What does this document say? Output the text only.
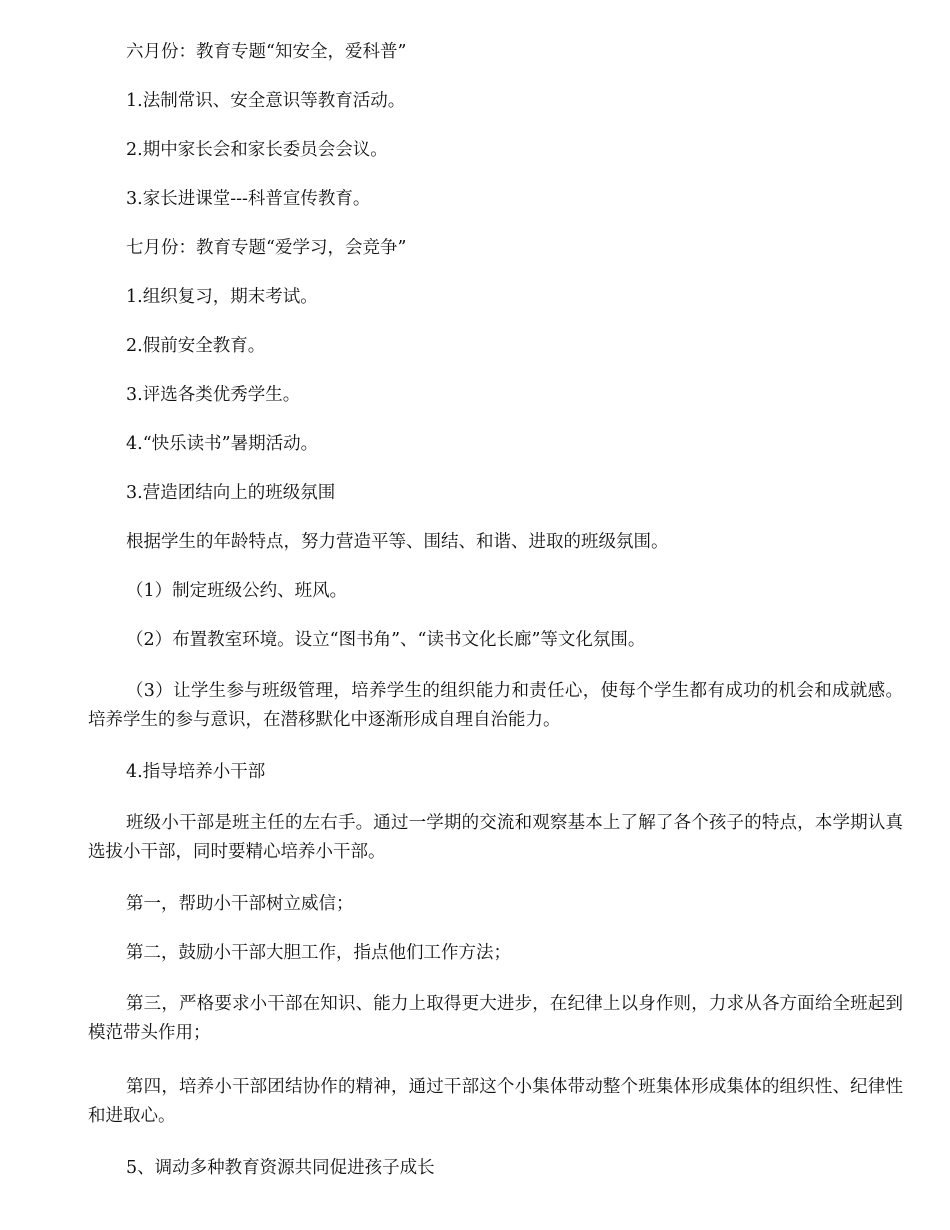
六月份：教育专题“知安全，爱科普”

1.法制常识、安全意识等教育活动。

2.期中家长会和家长委员会会议。

3.家长进课堂---科普宣传教育。

七月份：教育专题“爱学习，会竞争”

1.组织复习，期末考试。

2.假前安全教育。

3.评选各类优秀学生。

4.“快乐读书”暑期活动。

3.营造团结向上的班级氛围

根据学生的年龄特点，努力营造平等、围结、和谐、进取的班级氛围。

（1）制定班级公约、班风。

（2）布置教室环境。设立“图书角”、“读书文化长廊”等文化氛围。

（3）让学生参与班级管理，培养学生的组织能力和责任心，使每个学生都有成功的机会和成就感。培养学生的参与意识，在潜移默化中逐渐形成自理自治能力。

4.指导培养小干部

班级小干部是班主任的左右手。通过一学期的交流和观察基本上了解了各个孩子的特点，本学期认真选拔小干部，同时要精心培养小干部。

第一，帮助小干部树立威信；

第二，鼓励小干部大胆工作，指点他们工作方法；

第三，严格要求小干部在知识、能力上取得更大进步，在纪律上以身作则，力求从各方面给全班起到模范带头作用；

第四，培养小干部团结协作的精神，通过干部这个小集体带动整个班集体形成集体的组织性、纪律性和进取心。

5、调动多种教育资源共同促进孩子成长
